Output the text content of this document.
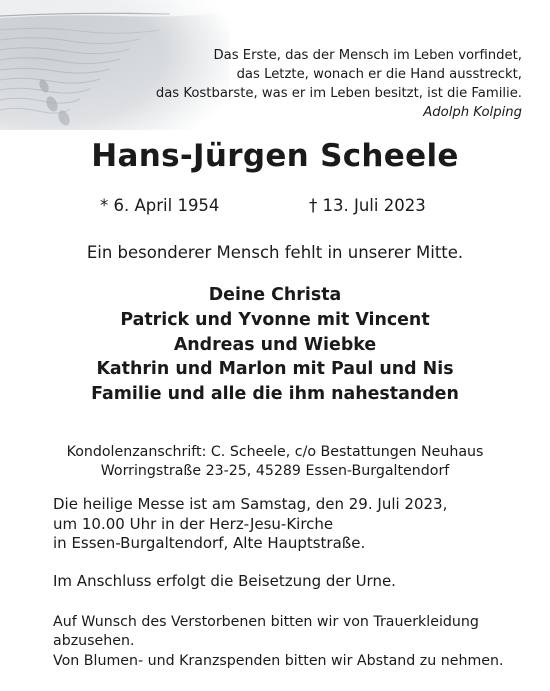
Das Erste, das der Mensch im Leben vorfindet,
das Letzte, wonach er die Hand ausstreckt,
das Kostbarste, was er im Leben besitzt, ist die Familie.
Adolph Kolping
Hans-Jürgen Scheele
* 6. April 1954	† 13. Juli 2023
Ein besonderer Mensch fehlt in unserer Mitte.
Deine Christa
Patrick und Yvonne mit Vincent
Andreas und Wiebke
Kathrin und Marlon mit Paul und Nis
Familie und alle die ihm nahestanden
Kondolenzanschrift: C. Scheele, c/o Bestattungen Neuhaus
Worringstraße 23-25, 45289 Essen-Burgaltendorf
Die heilige Messe ist am Samstag, den 29. Juli 2023,
um 10.00 Uhr in der Herz-Jesu-Kirche
in Essen-Burgaltendorf, Alte Hauptstraße.
Im Anschluss erfolgt die Beisetzung der Urne.
Auf Wunsch des Verstorbenen bitten wir von Trauerkleidung
abzusehen.
Von Blumen- und Kranzspenden bitten wir Abstand zu nehmen.
